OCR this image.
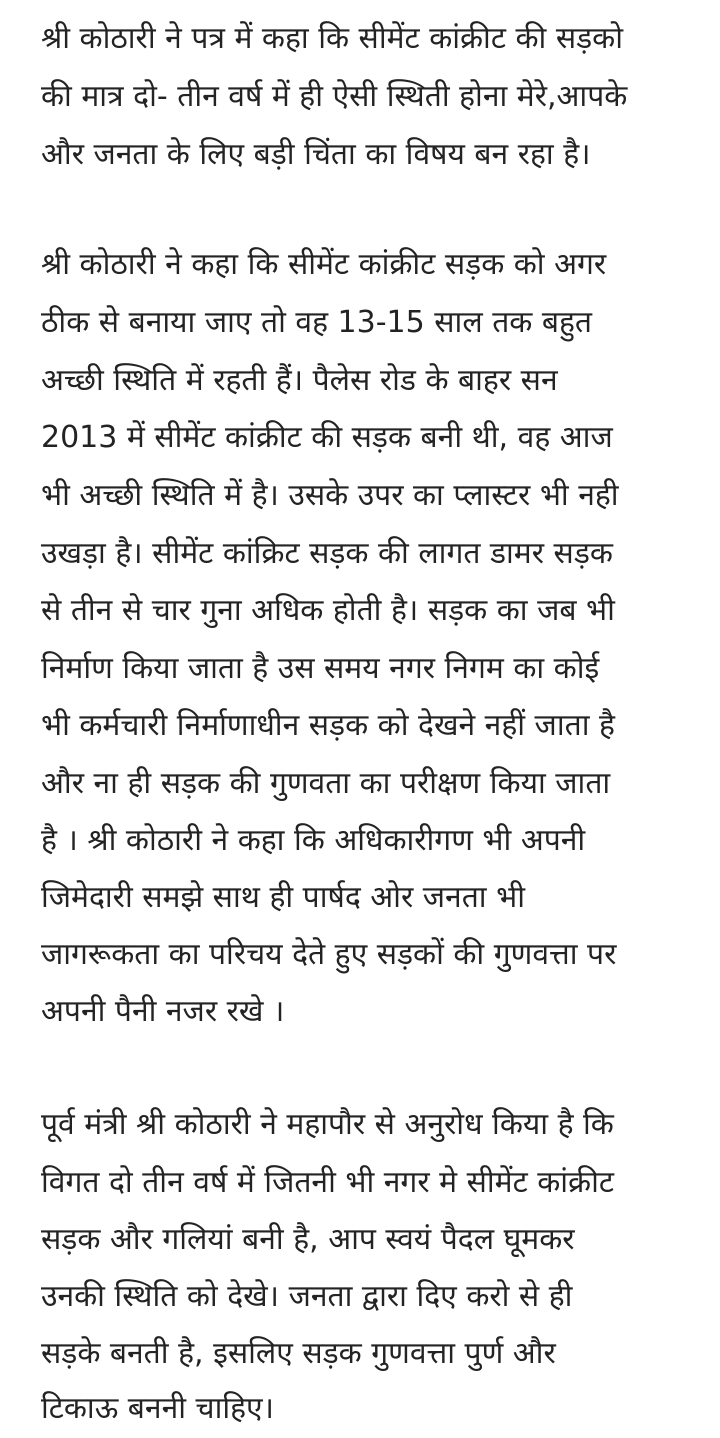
श्री कोठारी ने पत्र में कहा कि सीमेंट कांक्रीट की सड़को
की मात्र दो- तीन वर्ष में ही ऐसी स्थिती होना मेरे,आपके
और जनता के लिए बड़ी चिंता का विषय बन रहा है।
श्री कोठारी ने कहा कि सीमेंट कांक्रीट सड़क को अगर
ठीक से बनाया जाए तो वह 13-15 साल तक बहुत
अच्छी स्थिति में रहती हैं। पैलेस रोड के बाहर सन
2013 में सीमेंट कांक्रीट की सड़क बनी थी, वह आज
भी अच्छी स्थिति में है। उसके उपर का प्लास्टर भी नही
उखड़ा है। सीमेंट कांक्रिट सड़क की लागत डामर सड़क
से तीन से चार गुना अधिक होती है। सड़क का जब भी
निर्माण किया जाता है उस समय नगर निगम का कोई
भी कर्मचारी निर्माणाधीन सड़क को देखने नहीं जाता है
और ना ही सड़क की गुणवता का परीक्षण किया जाता
है । श्री कोठारी ने कहा कि अधिकारीगण भी अपनी
जिमेदारी समझे साथ ही पार्षद ओर जनता भी
जागरूकता का परिचय देते हुए सड़कों की गुणवत्ता पर
अपनी पैनी नजर रखे ।
पूर्व मंत्री श्री कोठारी ने महापौर से अनुरोध किया है कि
विगत दो तीन वर्ष में जितनी भी नगर मे सीमेंट कांक्रीट
सड़क और गलियां बनी है, आप स्वयं पैदल घूमकर
उनकी स्थिति को देखे। जनता द्वारा दिए करो से ही
सड़के बनती है, इसलिए सड़क गुणवत्ता पुर्ण और
टिकाऊ बननी चाहिए।
